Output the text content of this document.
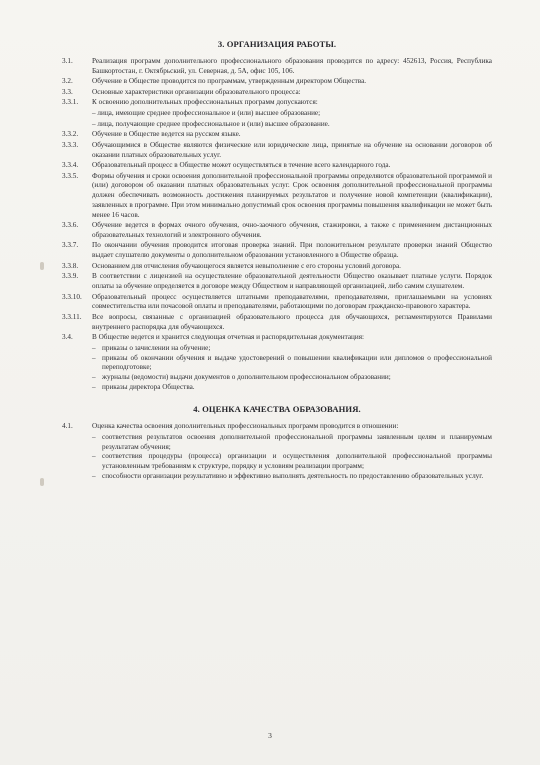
3. ОРГАНИЗАЦИЯ РАБОТЫ.
3.1.	Реализация программ дополнительного профессионального образования проводится по адресу: 452613, Россия, Республика Башкортостан, г. Октябрьский, ул. Северная, д. 5А, офис 105, 106.
3.2.	Обучение в Обществе проводится по программам, утвержденным директором Общества.
3.3.	Основные характеристики организации образовательного процесса:
3.3.1.	К освоению дополнительных профессиональных программ допускаются:
– лица, имеющие среднее профессиональное и (или) высшее образование;
– лица, получающие среднее профессиональное и (или) высшее образование.
3.3.2.	Обучение в Обществе ведется на русском языке.
3.3.3.	Обучающимися в Обществе являются физические или юридические лица, принятые на обучение на основании договоров об оказании платных образовательных услуг.
3.3.4.	Образовательный процесс в Обществе может осуществляться в течение всего календарного года.
3.3.5.	Формы обучения и сроки освоения дополнительной профессиональной программы определяются образовательной программой и (или) договором об оказании платных образовательных услуг. Срок освоения дополнительной профессиональной программы должен обеспечивать возможность достижения планируемых результатов и получение новой компетенции (квалификации), заявленных в программе. При этом минимально допустимый срок освоения программы повышения квалификации не может быть менее 16 часов.
3.3.6.	Обучение ведется в формах очного обучения, очно-заочного обучения, стажировки, а также с применением дистанционных образовательных технологий и электронного обучения.
3.3.7.	По окончании обучения проводится итоговая проверка знаний. При положительном результате проверки знаний Общество выдает слушателю документы о дополнительном образовании установленного в Обществе образца.
3.3.8.	Основанием для отчисления обучающегося является невыполнение с его стороны условий договора.
3.3.9.	В соответствии с лицензией на осуществление образовательной деятельности Общество оказывает платные услуги. Порядок оплаты за обучение определяется в договоре между Обществом и направляющей организацией, либо самим слушателем.
3.3.10.	Образовательный процесс осуществляется штатными преподавателями, преподавателями, приглашаемыми на условиях совместительства или почасовой оплаты и преподавателями, работающими по договорам гражданско-правового характера.
3.3.11.	Все вопросы, связанные с организацией образовательного процесса для обучающихся, регламентируются Правилами внутреннего распорядка для обучающихся.
3.4.	В Обществе ведется и хранится следующая отчетная и распорядительная документация:
– приказы о зачислении на обучение;
– приказы об окончании обучения и выдаче удостоверений о повышении квалификации или дипломов о профессиональной переподготовке;
– журналы (ведомости) выдачи документов о дополнительном профессиональном образовании;
– приказы директора Общества.
4. ОЦЕНКА КАЧЕСТВА ОБРАЗОВАНИЯ.
4.1.	Оценка качества освоения дополнительных профессиональных программ проводится в отношении:
– соответствия результатов освоения дополнительной профессиональной программы заявленным целям и планируемым результатам обучения;
– соответствия процедуры (процесса) организации и осуществления дополнительной профессиональной программы установленным требованиям к структуре, порядку и условиям реализации программ;
– способности организации результативно и эффективно выполнять деятельность по предоставлению образовательных услуг.
3
